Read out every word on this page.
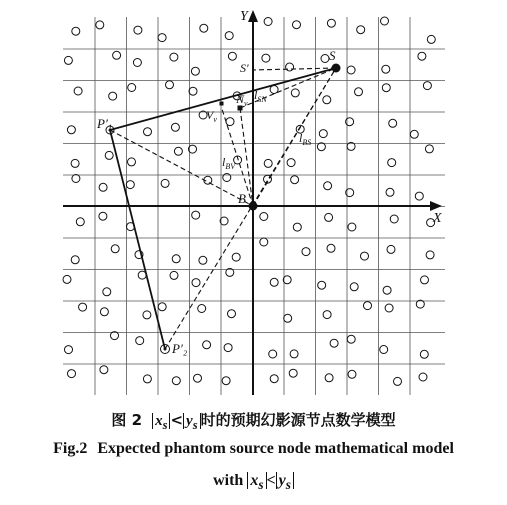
Y
X
S
S′
B
$P'_1$
P′₂
$N_v$
$V_v$
$l_{SN}$
$l_{BS}$
$l_{BV}$
图 2 $x_s < y_s$ 时的预期幻影源节点数学模型
Fig.2 Expected phantom source node mathematical model
with $x_s < y_s$
